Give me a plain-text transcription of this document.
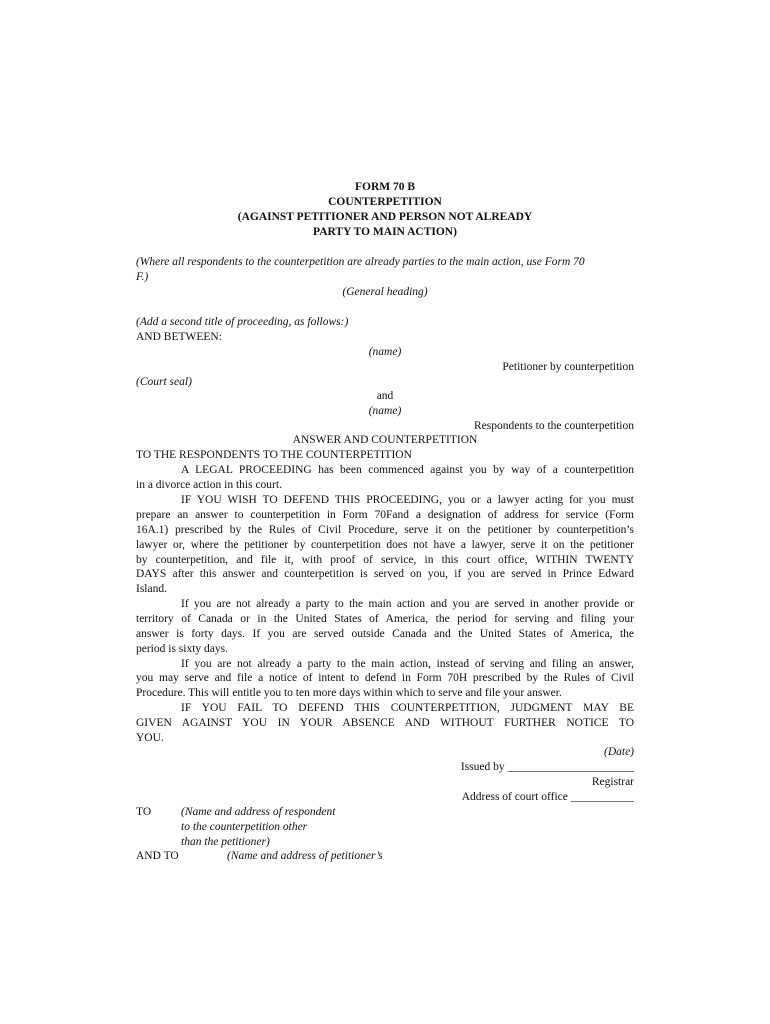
FORM 70 B
COUNTERPETITION
(AGAINST PETITIONER AND PERSON NOT ALREADY
PARTY TO MAIN ACTION)
(Where all respondents to the counterpetition are already parties to the main action, use Form 70
F.)
(General heading)
(Add a second title of proceeding, as follows:)
AND BETWEEN:
(name)
Petitioner by counterpetition
(Court seal)
and
(name)
Respondents to the counterpetition
ANSWER AND COUNTERPETITION
TO THE RESPONDENTS TO THE COUNTERPETITION
A LEGAL PROCEEDING has been commenced against you by way of a counterpetition
in a divorce action in this court.
IF YOU WISH TO DEFEND THIS PROCEEDING, you or a lawyer acting for you must
prepare an answer to counterpetition in Form 70Fand a designation of address for service (Form
16A.1) prescribed by the Rules of Civil Procedure, serve it on the petitioner by counterpetition’s
lawyer or, where the petitioner by counterpetition does not have a lawyer, serve it on the petitioner
by counterpetition, and file it, with proof of service, in this court office, WITHIN TWENTY
DAYS after this answer and counterpetition is served on you, if you are served in Prince Edward
Island.
If you are not already a party to the main action and you are served in another provide or
territory of Canada or in the United States of America, the period for serving and filing your
answer is forty days. If you are served outside Canada and the United States of America, the
period is sixty days.
If you are not already a party to the main action, instead of serving and filing an answer,
you may serve and file a notice of intent to defend in Form 70H prescribed by the Rules of Civil
Procedure. This will entitle you to ten more days within which to serve and file your answer.
IF YOU FAIL TO DEFEND THIS COUNTERPETITION, JUDGMENT MAY BE
GIVEN AGAINST YOU IN YOUR ABSENCE AND WITHOUT FURTHER NOTICE TO
YOU.
(Date)
Issued by ______________________
Registrar
Address of court office ___________
TO	(Name and address of respondent
to the counterpetition other
than the petitioner)
AND TO	(Name and address of petitioner’s
